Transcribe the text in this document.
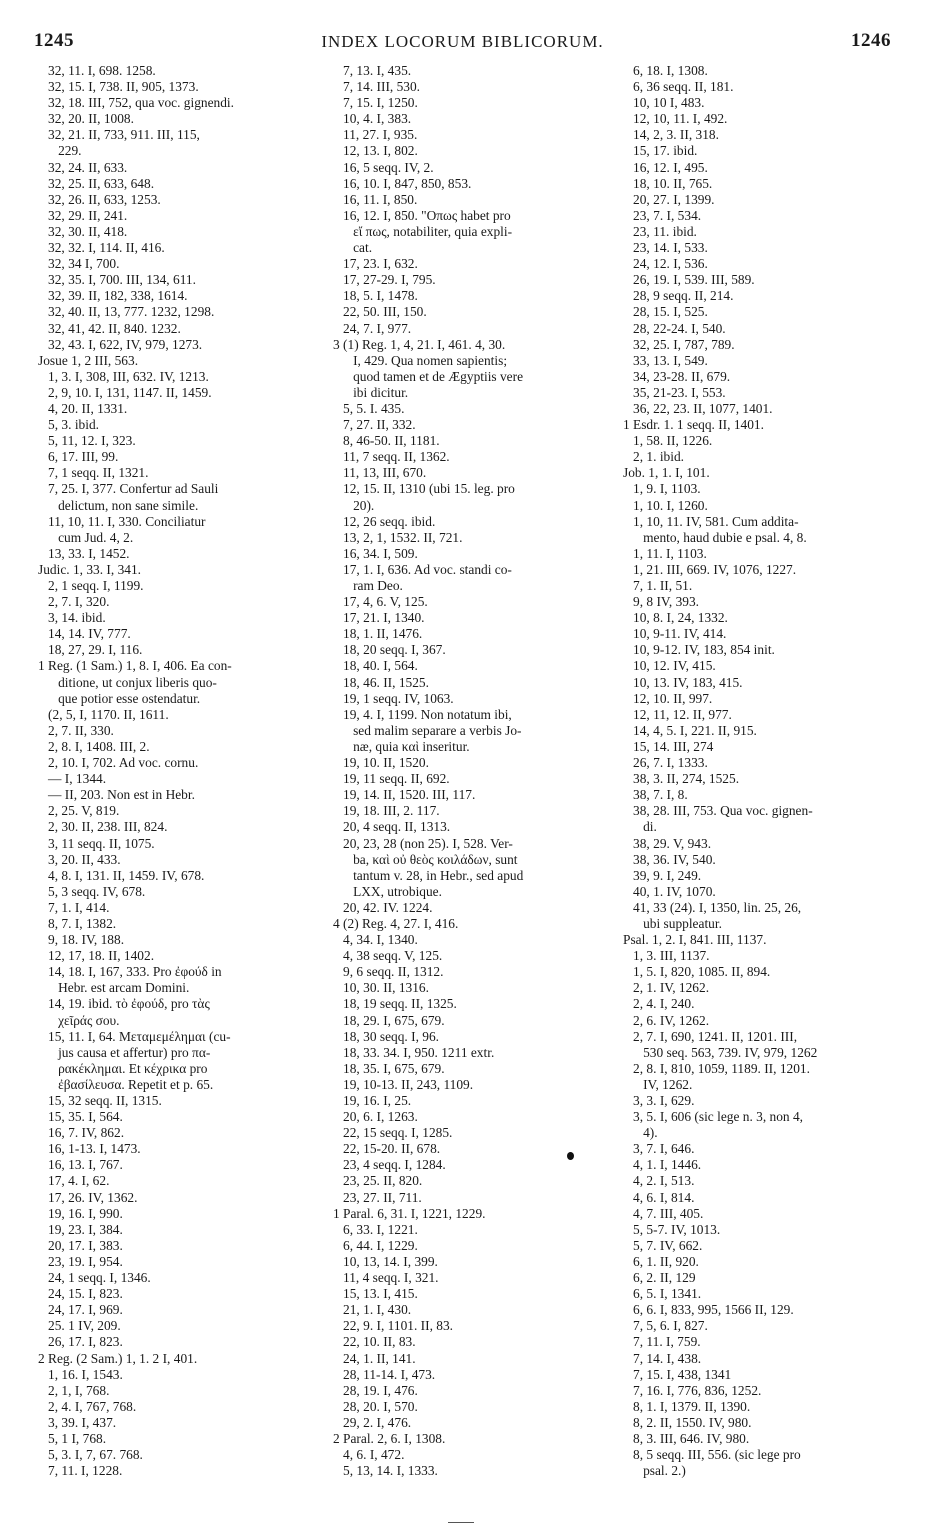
1245	INDEX LOCORUM BIBLICORUM.	1246
32, 11. I, 698. 1258.
32, 15. I, 738. II, 905, 1373.
32, 18. III, 752, qua voc. gignendi.
32, 20. II, 1008.
32, 21. II, 733, 911. III, 115,
229.
32, 24. II, 633.
32, 25. II, 633, 648.
32, 26. II, 633, 1253.
32, 29. II, 241.
32, 30. II, 418.
32, 32. I, 114. II, 416.
32, 34 I, 700.
32, 35. I, 700. III, 134, 611.
32, 39. II, 182, 338, 1614.
32, 40. II, 13, 777. 1232, 1298.
32, 41, 42. II, 840. 1232.
32, 43. I, 622, IV, 979, 1273.
Josue 1, 2 III, 563.
1, 3. I, 308, III, 632. IV, 1213.
2, 9, 10. I, 131, 1147. II, 1459.
4, 20. II, 1331.
5, 3. ibid.
5, 11, 12. I, 323.
6, 17. III, 99.
7, 1 seqq. II, 1321.
7, 25. I, 377. Confertur ad Sauli
delictum, non sane simile.
11, 10, 11. I, 330. Conciliatur
cum Jud. 4, 2.
13, 33. I, 1452.
Judic. 1, 33. I, 341.
2, 1 seqq. I, 1199.
2, 7. I, 320.
3, 14. ibid.
14, 14. IV, 777.
18, 27, 29. I, 116.
1 Reg. (1 Sam.) 1, 8. I, 406. Ea con-
ditione, ut conjux liberis quo-
que potior esse ostendatur.
(2, 5, I, 1170. II, 1611.
2, 7. II, 330.
2, 8. I, 1408. III, 2.
2, 10. I, 702. Ad voc. cornu.
— I, 1344.
— II, 203. Non est in Hebr.
2, 25. V, 819.
2, 30. II, 238. III, 824.
3, 11 seqq. II, 1075.
3, 20. II, 433.
4, 8. I, 131. II, 1459. IV, 678.
5, 3 seqq. IV, 678.
7, 1. I, 414.
8, 7. I, 1382.
9, 18. IV, 188.
12, 17, 18. II, 1402.
14, 18. I, 167, 333. Pro ἐφούδ in
Hebr. est arcam Domini.
14, 19. ibid. τὸ ἐφούδ, pro τὰς
χεῖράς σου.
15, 11. I, 64. Μεταμεμέλημαι (cu-
jus causa et affertur) pro πα-
ρακέκλημαι. Et κέχρικα pro
ἐβασίλευσα. Repetit et p. 65.
15, 32 seqq. II, 1315.
15, 35. I, 564.
16, 7. IV, 862.
16, 1-13. I, 1473.
16, 13. I, 767.
17, 4. I, 62.
17, 26. IV, 1362.
19, 16. I, 990.
19, 23. I, 384.
20, 17. I, 383.
23, 19. I, 954.
24, 1 seqq. I, 1346.
24, 15. I, 823.
24, 17. I, 969.
25. 1 IV, 209.
26, 17. I, 823.
2 Reg. (2 Sam.) 1, 1. 2 I, 401.
1, 16. I, 1543.
2, 1, I, 768.
2, 4. I, 767, 768.
3, 39. I, 437.
5, 1 I, 768.
5, 3. I, 7, 67. 768.
7, 11. I, 1228.
7, 13. I, 435.
7, 14. III, 530.
7, 15. I, 1250.
10, 4. I, 383.
11, 27. I, 935.
12, 13. I, 802.
16, 5 seqq. IV, 2.
16, 10. I, 847, 850, 853.
16, 11. I, 850.
16, 12. I, 850. "Οπως habet pro
εἴ πως, notabiliter, quia expli-
cat.
17, 23. I, 632.
17, 27-29. I, 795.
18, 5. I, 1478.
22, 50. III, 150.
24, 7. I, 977.
3 (1) Reg. 1, 4, 21. I, 461. 4, 30.
I, 429. Qua nomen sapientis;
quod tamen et de Ægyptiis vere
ibi dicitur.
5, 5. I. 435.
7, 27. II, 332.
8, 46-50. II, 1181.
11, 7 seqq. II, 1362.
11, 13, III, 670.
12, 15. II, 1310 (ubi 15. leg. pro
20).
12, 26 seqq. ibid.
13, 2, 1, 1532. II, 721.
16, 34. I, 509.
17, 1. I, 636. Ad voc. standi co-
ram Deo.
17, 4, 6. V, 125.
17, 21. I, 1340.
18, 1. II, 1476.
18, 20 seqq. I, 367.
18, 40. I, 564.
18, 46. II, 1525.
19, 1 seqq. IV, 1063.
19, 4. I, 1199. Non notatum ibi,
sed malim separare a verbis Jo-
næ, quia καὶ inseritur.
19, 10. II, 1520.
19, 11 seqq. II, 692.
19, 14. II, 1520. III, 117.
19, 18. III, 2. 117.
20, 4 seqq. II, 1313.
20, 23, 28 (non 25). I, 528. Ver-
ba, καὶ οὐ θεὸς κοιλάδων, sunt
tantum v. 28, in Hebr., sed apud
LXX, utrobique.
20, 42. IV. 1224.
4 (2) Reg. 4, 27. I, 416.
4, 34. I, 1340.
4, 38 seqq. V, 125.
9, 6 seqq. II, 1312.
10, 30. II, 1316.
18, 19 seqq. II, 1325.
18, 29. I, 675, 679.
18, 30 seqq. I, 96.
18, 33. 34. I, 950. 1211 extr.
18, 35. I, 675, 679.
19, 10-13. II, 243, 1109.
19, 16. I, 25.
20, 6. I, 1263.
22, 15 seqq. I, 1285.
22, 15-20. II, 678.
23, 4 seqq. I, 1284.
23, 25. II, 820.
23, 27. II, 711.
1 Paral. 6, 31. I, 1221, 1229.
6, 33. I, 1221.
6, 44. I, 1229.
10, 13, 14. I, 399.
11, 4 seqq. I, 321.
15, 13. I, 415.
21, 1. I, 430.
22, 9. I, 1101. II, 83.
22, 10. II, 83.
24, 1. II, 141.
28, 11-14. I, 473.
28, 19. I, 476.
28, 20. I, 570.
29, 2. I, 476.
2 Paral. 2, 6. I, 1308.
4, 6. I, 472.
5, 13, 14. I, 1333.
6, 18. I, 1308.
6, 36 seqq. II, 181.
10, 10 I, 483.
12, 10, 11. I, 492.
14, 2, 3. II, 318.
15, 17. ibid.
16, 12. I, 495.
18, 10. II, 765.
20, 27. I, 1399.
23, 7. I, 534.
23, 11. ibid.
23, 14. I, 533.
24, 12. I, 536.
26, 19. I, 539. III, 589.
28, 9 seqq. II, 214.
28, 15. I, 525.
28, 22-24. I, 540.
32, 25. I, 787, 789.
33, 13. I, 549.
34, 23-28. II, 679.
35, 21-23. I, 553.
36, 22, 23. II, 1077, 1401.
1 Esdr. 1. 1 seqq. II, 1401.
1, 58. II, 1226.
2, 1. ibid.
Job. 1, 1. I, 101.
1, 9. I, 1103.
1, 10. I, 1260.
1, 10, 11. IV, 581. Cum addita-
mento, haud dubie e psal. 4, 8.
1, 11. I, 1103.
1, 21. III, 669. IV, 1076, 1227.
7, 1. II, 51.
9, 8 IV, 393.
10, 8. I, 24, 1332.
10, 9-11. IV, 414.
10, 9-12. IV, 183, 854 init.
10, 12. IV, 415.
10, 13. IV, 183, 415.
12, 10. II, 997.
12, 11, 12. II, 977.
14, 4, 5. I, 221. II, 915.
15, 14. III, 274
26, 7. I, 1333.
38, 3. II, 274, 1525.
38, 7. I, 8.
38, 28. III, 753. Qua voc. gignen-
di.
38, 29. V, 943.
38, 36. IV, 540.
39, 9. I, 249.
40, 1. IV, 1070.
41, 33 (24). I, 1350, lin. 25, 26,
ubi suppleatur.
Psal. 1, 2. I, 841. III, 1137.
1, 3. III, 1137.
1, 5. I, 820, 1085. II, 894.
2, 1. IV, 1262.
2, 4. I, 240.
2, 6. IV, 1262.
2, 7. I, 690, 1241. II, 1201. III,
530 seq. 563, 739. IV, 979, 1262
2, 8. I, 810, 1059, 1189. II, 1201.
IV, 1262.
3, 3. I, 629.
3, 5. I, 606 (sic lege n. 3, non 4,
4).
3, 7. I, 646.
4, 1. I, 1446.
4, 2. I, 513.
4, 6. I, 814.
4, 7. III, 405.
5, 5-7. IV, 1013.
5, 7. IV, 662.
6, 1. II, 920.
6, 2. II, 129
6, 5. I, 1341.
6, 6. I, 833, 995, 1566 II, 129.
7, 5, 6. I, 827.
7, 11. I, 759.
7, 14. I, 438.
7, 15. I, 438, 1341
7, 16. I, 776, 836, 1252.
8, 1. I, 1379. II, 1390.
8, 2. II, 1550. IV, 980.
8, 3. III, 646. IV, 980.
8, 5 seqq. III, 556. (sic lege pro
psal. 2.)
